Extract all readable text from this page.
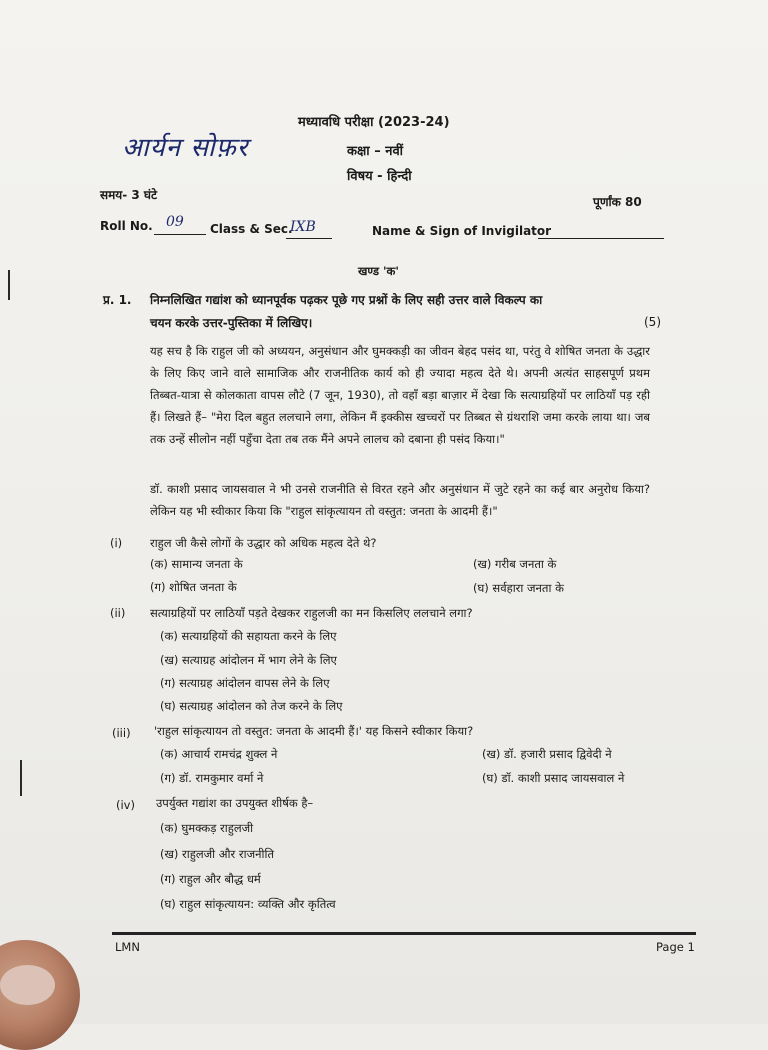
मध्यावधि परीक्षा (2023-24)
आर्यन सोफ़र	कक्षा – नवीं
विषय - हिन्दी
समय- 3 घंटे	पूर्णांक 80
Roll No. 09 Class & Sec.
IXB	Name & Sign of Invigilator
खण्ड 'क'
प्र. 1. निम्नलिखित गद्यांश को ध्यानपूर्वक पढ़कर पूछे गए प्रश्नों के लिए सही उत्तर वाले विकल्प का
चयन करके उत्तर-पुस्तिका में लिखिए।	(5)
यह सच है कि राहुल जी को अध्ययन, अनुसंधान और घुमक्कड़ी का जीवन बेहद पसंद था, परंतु वे शोषित जनता के उद्धार के लिए किए जाने वाले सामाजिक और राजनीतिक कार्य को ही ज्यादा महत्व देते थे। अपनी अत्यंत साहसपूर्ण प्रथम तिब्बत-यात्रा से कोलकाता वापस लौटे (7 जून, 1930), तो वहाँ बड़ा बाज़ार में देखा कि सत्याग्रहियों पर लाठियाँ पड़ रही हैं। लिखते हैं– "मेरा दिल बहुत ललचाने लगा, लेकिन मैं इक्कीस खच्चरों पर तिब्बत से ग्रंथराशि जमा करके लाया था। जब तक उन्हें सीलोन नहीं पहुँचा देता तब तक मैंने अपने लालच को दबाना ही पसंद किया।"
डॉ. काशी प्रसाद जायसवाल ने भी उनसे राजनीति से विरत रहने और अनुसंधान में जुटे रहने का कई बार अनुरोध किया? लेकिन यह भी स्वीकार किया कि "राहुल सांकृत्यायन तो वस्तुत: जनता के आदमी हैं।"
(i) राहुल जी कैसे लोगों के उद्धार को अधिक महत्व देते थे?
(क) सामान्य जनता के	(ख) गरीब जनता के
(ग) शोषित जनता के	(घ) सर्वहारा जनता के
(ii) सत्याग्रहियों पर लाठियाँ पड़ते देखकर राहुलजी का मन किसलिए ललचाने लगा?
(क) सत्याग्रहियों की सहायता करने के लिए
(ख) सत्याग्रह आंदोलन में भाग लेने के लिए
(ग) सत्याग्रह आंदोलन वापस लेने के लिए
(घ) सत्याग्रह आंदोलन को तेज करने के लिए
(iii) 'राहुल सांकृत्यायन तो वस्तुत: जनता के आदमी हैं।' यह किसने स्वीकार किया?
(क) आचार्य रामचंद्र शुक्ल ने	(ख) डॉ. हजारी प्रसाद द्विवेदी ने
(ग) डॉ. रामकुमार वर्मा ने	(घ) डॉ. काशी प्रसाद जायसवाल ने
(iv) उपर्युक्त गद्यांश का उपयुक्त शीर्षक है–
(क) घुमक्कड़ राहुलजी
(ख) राहुलजी और राजनीति
(ग) राहुल और बौद्ध धर्म
(घ) राहुल सांकृत्यायन: व्यक्ति और कृतित्व
LMN	Page 1
